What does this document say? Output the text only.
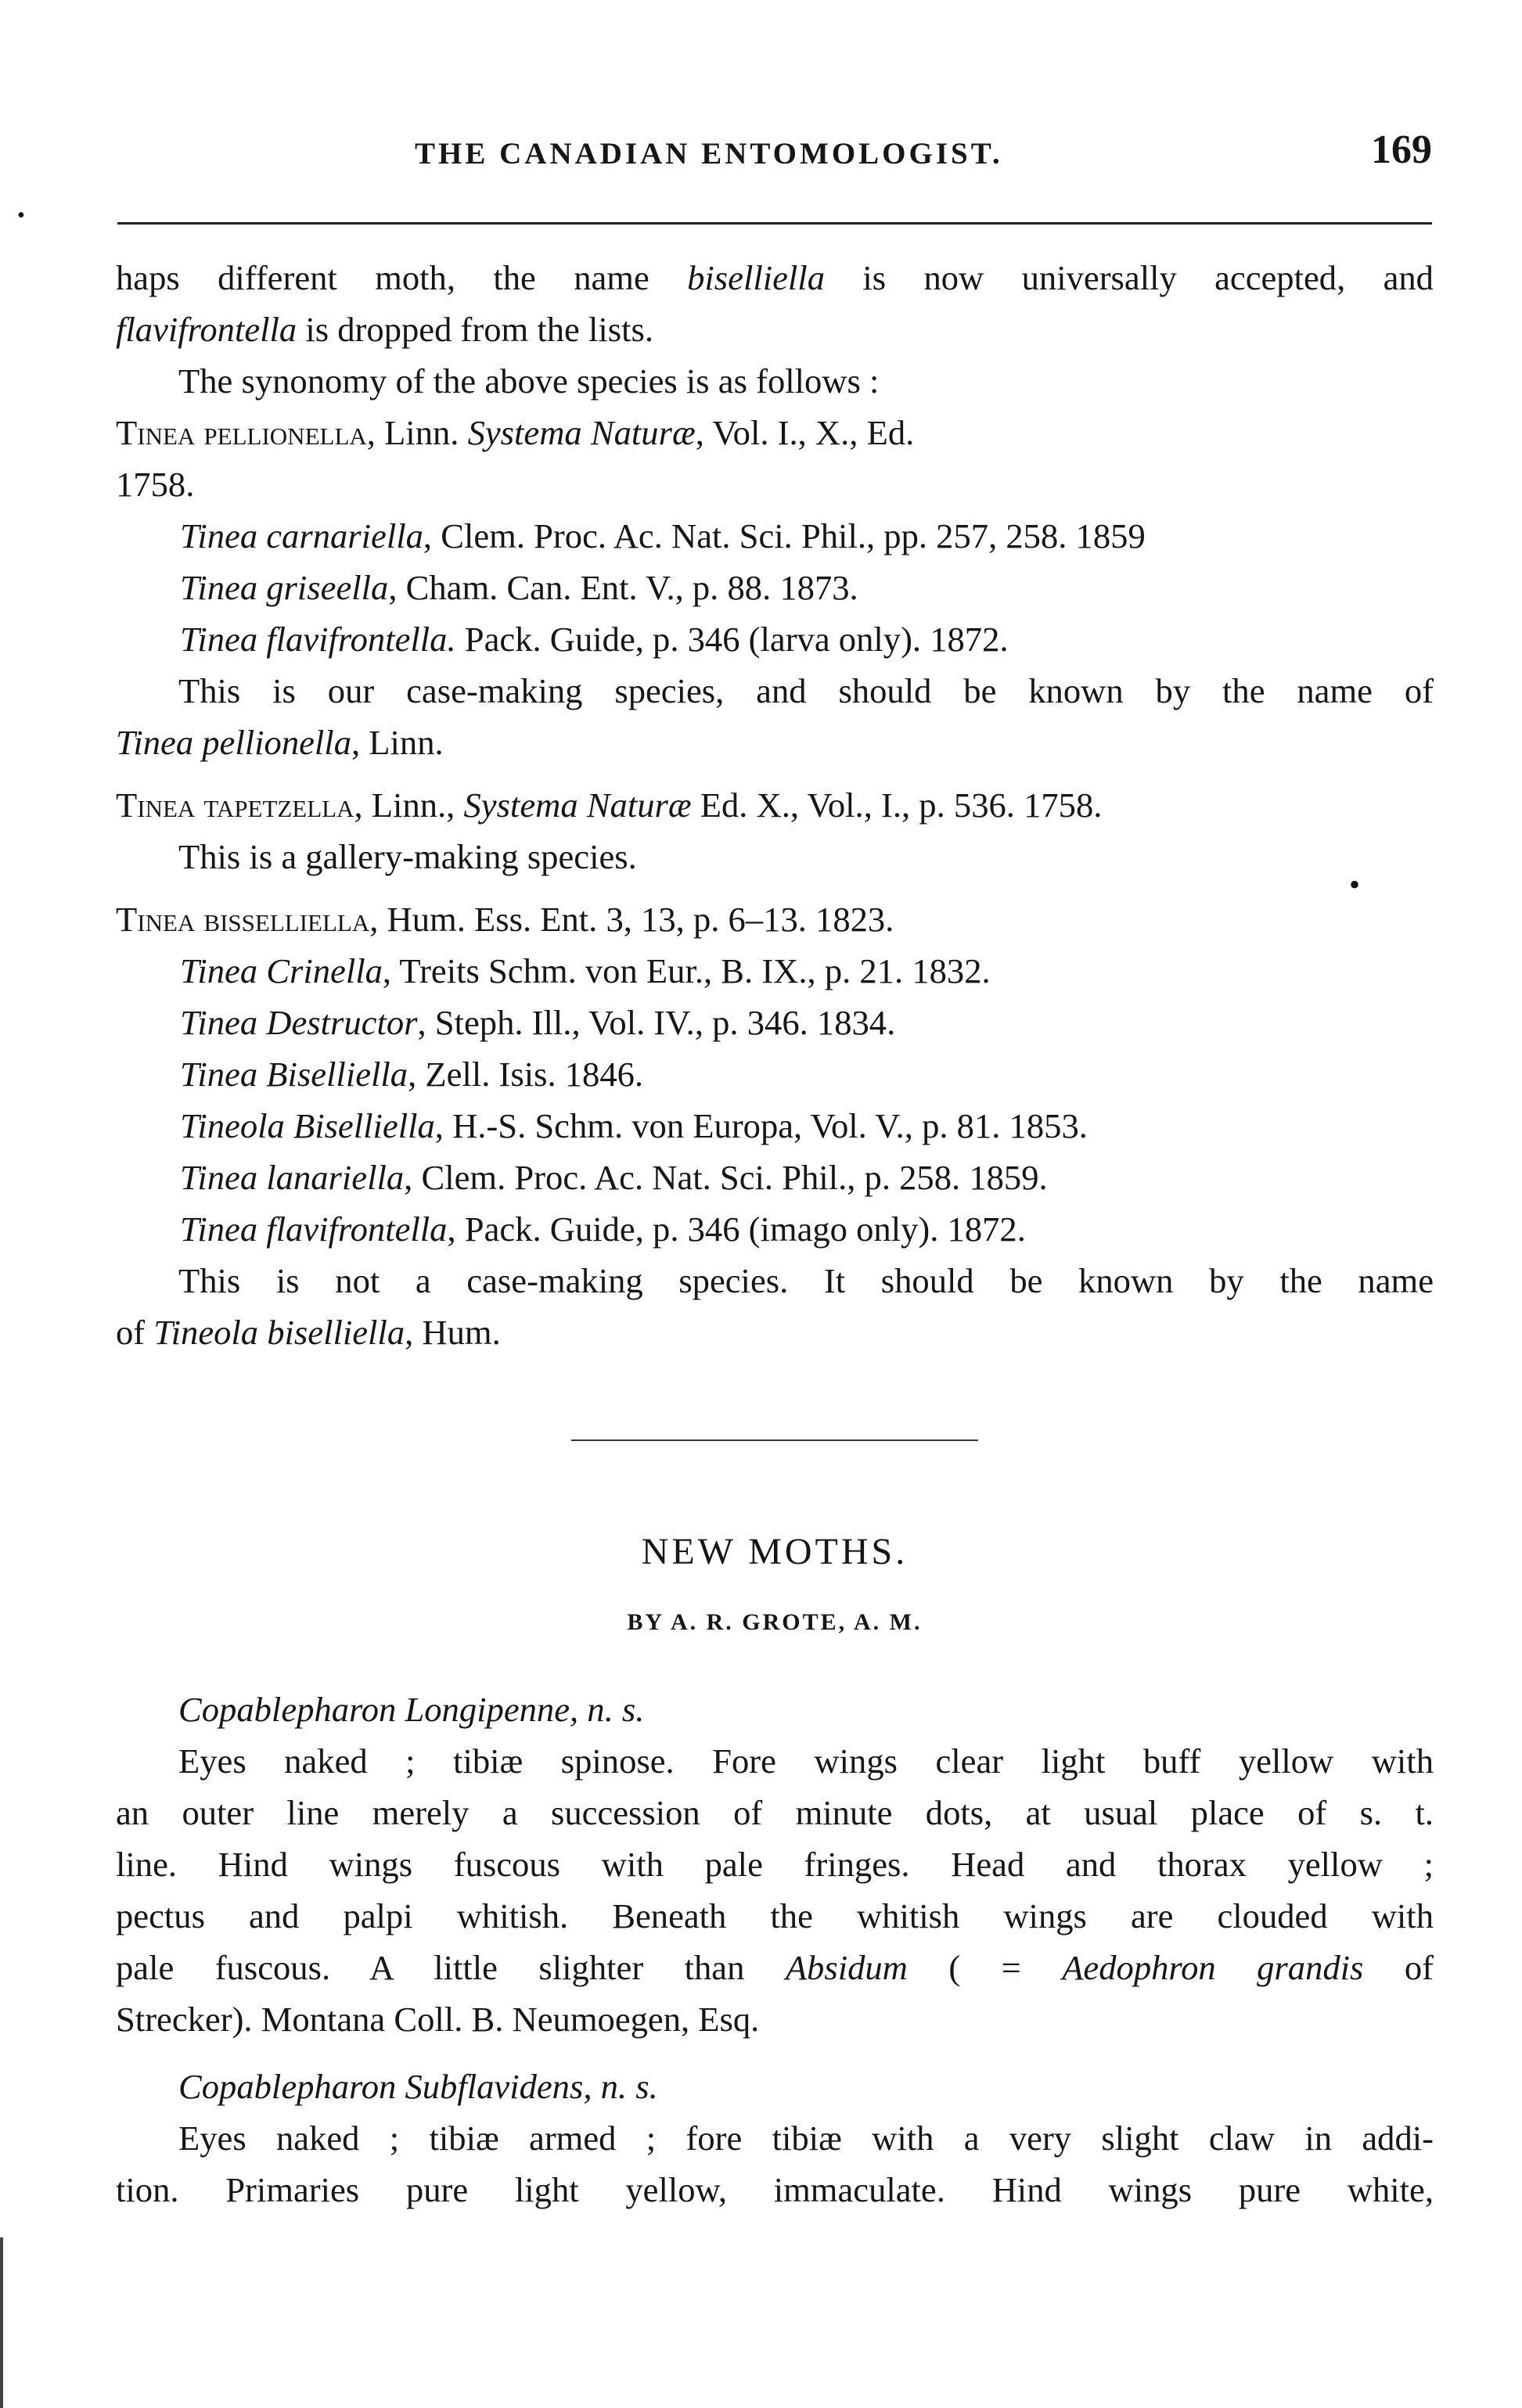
•
THE CANADIAN ENTOMOLOGIST.	169

haps different moth, the name biselliella is now universally accepted, and

flavifrontella is dropped from the lists.

The synonomy of the above species is as follows :

Tinea pellionella, Linn. Systema Naturæ, Vol. I., X., Ed.

1758.

Tinea carnariella, Clem. Proc. Ac. Nat. Sci. Phil., pp. 257, 258. 1859

Tinea griseella, Cham. Can. Ent. V., p. 88. 1873.

Tinea flavifrontella. Pack. Guide, p. 346 (larva only). 1872.

This is our case-making species, and should be known by the name of

Tinea pellionella, Linn.

Tinea tapetzella, Linn., Systema Naturæ Ed. X., Vol., I., p. 536. 1758.

This is a gallery-making species.

Tinea bisselliella, Hum. Ess. Ent. 3, 13, p. 6–13. 1823.

Tinea Crinella, Treits Schm. von Eur., B. IX., p. 21. 1832.

Tinea Destructor, Steph. Ill., Vol. IV., p. 346. 1834.

Tinea Biselliella, Zell. Isis. 1846.

Tineola Biselliella, H.-S. Schm. von Europa, Vol. V., p. 81. 1853.

Tinea lanariella, Clem. Proc. Ac. Nat. Sci. Phil., p. 258. 1859.

Tinea flavifrontella, Pack. Guide, p. 346 (imago only). 1872.

This is not a case-making species. It should be known by the name

of Tineola biselliella, Hum.

NEW MOTHS.
BY A. R. GROTE, A. M.

Copablepharon Longipenne, n. s.

Eyes naked ; tibiæ spinose. Fore wings clear light buff yellow with

an outer line merely a succession of minute dots, at usual place of s. t.

line. Hind wings fuscous with pale fringes. Head and thorax yellow ;

pectus and palpi whitish. Beneath the whitish wings are clouded with

pale fuscous. A little slighter than Absidum ( = Aedophron grandis of

Strecker). Montana Coll. B. Neumoegen, Esq.

Copablepharon Subflavidens, n. s.

Eyes naked ; tibiæ armed ; fore tibiæ with a very slight claw in addi-

tion. Primaries pure light yellow, immaculate. Hind wings pure white,

•
